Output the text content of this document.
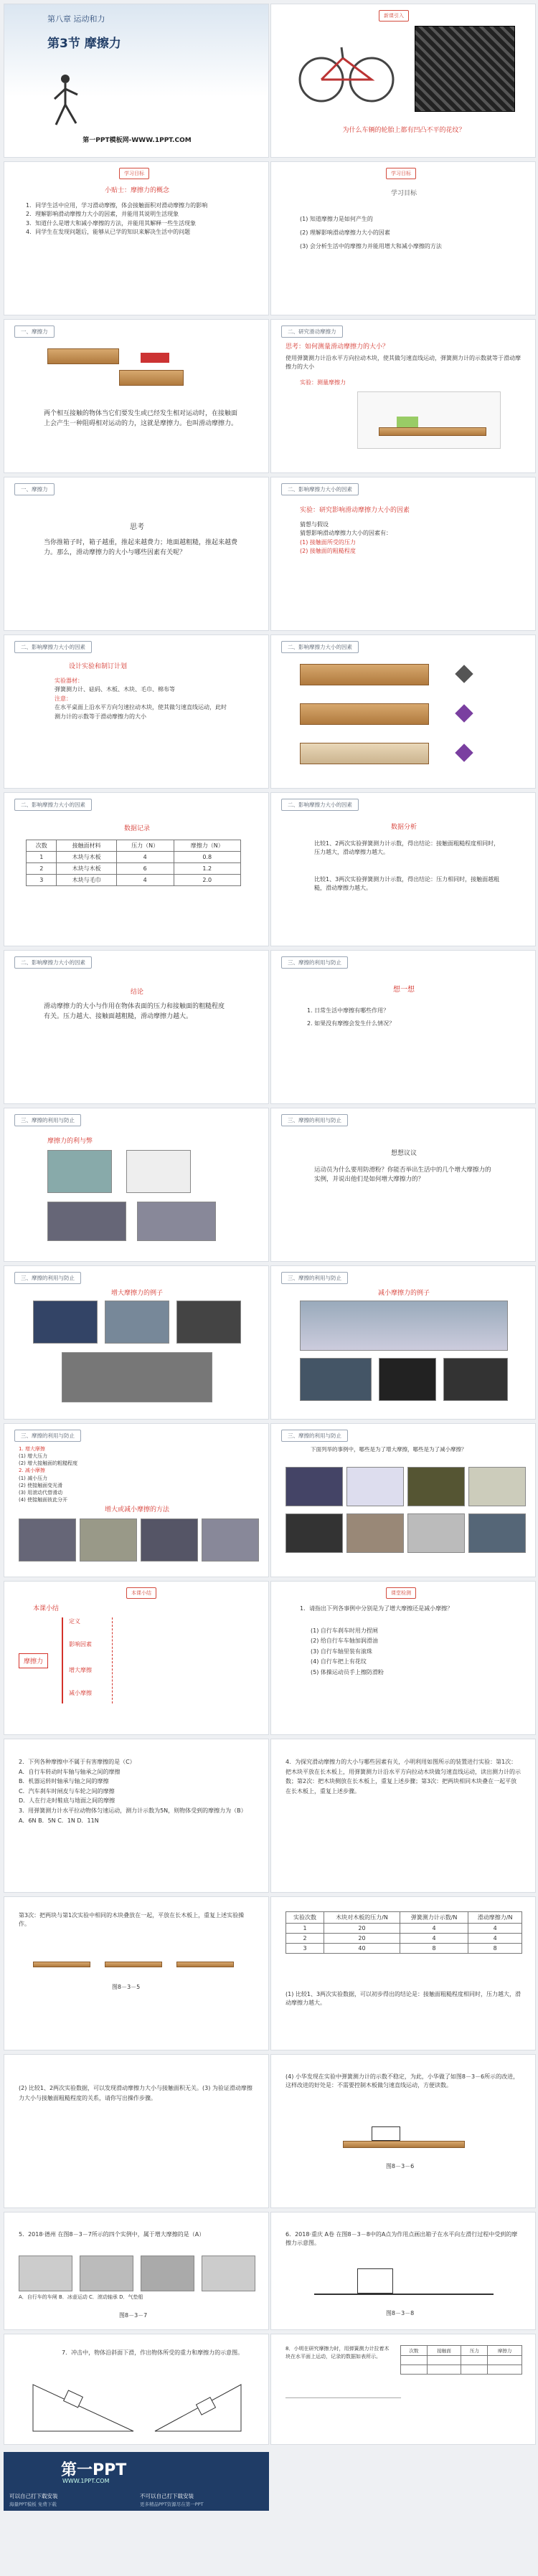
第八章 运动和力
第3节 摩擦力
第一PPT模板网-WWW.1PPT.COM
新课引入
为什么车辆的轮胎上都有凹凸不平的花纹？
学习目标
小贴士：摩擦力的概念
1．同学生活中应用，学习滑动摩擦，体会接触面积对滑动摩擦力的影响
2．理解影响滑动摩擦力大小的因素，并能用其说明生活现象
3．知道什么是增大和减小摩擦的方法，并能用其解释一些生活现象
4．同学生在发现问题后，能够从已学的知识来解决生活中的问题
学习目标
学习目标
(1) 知道摩擦力是如何产生的
(2) 理解影响滑动摩擦力大小的因素
(3) 会分析生活中的摩擦力并能用增大和减小摩擦的方法
一、摩擦力
两个相互接触的物体当它们要发生或已经发生相对运动时，在接触面上会产生一种阻碍相对运动的力，这就是摩擦力。也叫滑动摩擦力。
二、研究滑动摩擦力
思考：如何测量滑动摩擦力的大小？
使用弹簧测力计沿水平方向拉动木块，使其做匀速直线运动，弹簧测力计的示数就等于滑动摩擦力的大小
实验：测量摩擦力
一、摩擦力
思考
当你推箱子时，箱子越重，推起来越费力；地面越粗糙，推起来越费力。那么，滑动摩擦力的大小与哪些因素有关呢？
二、影响摩擦力大小的因素
实验：研究影响滑动摩擦力大小的因素
猜想与假设
猜想影响滑动摩擦力大小的因素有：
(1) 接触面所受的压力
(2) 接触面的粗糙程度
二、影响摩擦力大小的因素
设计实验和制订计划
实验器材：
弹簧测力计、砝码、木板、木块、毛巾、棉布等
注意：
在水平桌面上沿水平方向匀速拉动木块，使其做匀速直线运动，此时测力计的示数等于滑动摩擦力的大小
二、影响摩擦力大小的因素
二、影响摩擦力大小的因素
数据记录
次数	接触面材料	压力（N）	摩擦力（N）
1	木块与木板	4	0.8
2	木块与木板	6	1.2
3	木块与毛巾	4	2.0
二、影响摩擦力大小的因素
数据分析
比较1、2两次实验弹簧测力计示数，得出结论：接触面粗糙程度相同时，压力越大，滑动摩擦力越大。
比较1、3两次实验弹簧测力计示数，得出结论：压力相同时，接触面越粗糙，滑动摩擦力越大。
二、影响摩擦力大小的因素
结论
滑动摩擦力的大小与作用在物体表面的压力和接触面的粗糙程度有关。压力越大、接触面越粗糙，滑动摩擦力越大。
三、摩擦的利用与防止
想一想
1. 日常生活中摩擦有哪些作用？
2. 如果没有摩擦会发生什么情况？
三、摩擦的利用与防止
摩擦力的利与弊
三、摩擦的利用与防止
想想议议
运动员为什么要用防滑粉？你能否举出生活中的几个增大摩擦力的实例，并说出他们是如何增大摩擦力的？
三、摩擦的利用与防止
增大摩擦力的例子
三、摩擦的利用与防止
减小摩擦力的例子
三、摩擦的利用与防止
增大或减小摩擦的方法
1. 增大摩擦
(1) 增大压力
(2) 增大接触面的粗糙程度
2. 减小摩擦
(1) 减小压力
(2) 使接触面变光滑
(3) 用滚动代替滑动
(4) 使接触面彼此分开
三、摩擦的利用与防止
下面列举的事例中，哪些是为了增大摩擦，哪些是为了减小摩擦？
本课小结
本课小结
摩擦力
定义
影响因素
增大摩擦
减小摩擦
课堂检测
1．请指出下列各事例中分别是为了增大摩擦还是减小摩擦？
(1) 自行车刹车时用力捏闸
(2) 给自行车车轴加润滑油
(3) 自行车轴里装有滚珠
(4) 自行车把上有花纹
(5) 体操运动员手上擦防滑粉
2．下列各种摩擦中不属于有害摩擦的是（C）
A．自行车转动时车轴与轴承之间的摩擦
B．机器运转时轴承与轴之间的摩擦
C．汽车刹车时闸皮与车轮之间的摩擦
D．人在行走时鞋底与地面之间的摩擦
3．用弹簧测力计水平拉动物体匀速运动，测力计示数为5N，则物体受到的摩擦力为（B）
A．6N B．5N C．1N D．11N
4．为探究滑动摩擦力的大小与哪些因素有关，小明利用如图所示的装置进行实验：第1次：把木块平放在长木板上，用弹簧测力计沿水平方向拉动木块做匀速直线运动，读出测力计的示数；第2次：把木块侧放在长木板上，重复上述步骤；第3次：把两块相同木块叠在一起平放在长木板上，重复上述步骤。
第3次：把两块与第1次实验中相同的木块叠放在一起，平放在长木板上，重复上述实验操作。
图8－3－5
实验次数	木块对木板的压力/N	弹簧测力计示数/N	滑动摩擦力/N
1	20	4	4
2	20	4	4
3	40	8	8
(1) 比较1、3两次实验数据，可以初步得出的结论是：接触面粗糙程度相同时，压力越大，滑动摩擦力越大。
(2) 比较1、2两次实验数据，可以发现滑动摩擦力大小与接触面积无关。(3) 为验证滑动摩擦力大小与接触面粗糙程度的关系，请你写出操作步骤。
(4) 小华发现在实验中弹簧测力计的示数不稳定，为此，小华做了如图8－3－6所示的改进，这样改进的好处是：不需要控制木板做匀速直线运动，方便读数。
图8－3－6
5．2018·德州 在图8－3－7所示的四个实例中，属于增大摩擦的是（A）
A．自行车的车闸 B．冰壶运动 C．滚动轴承 D．气垫船
图8－3－7
6．2018·重庆 A卷 在图8－3－8中的A点为作用点画出箱子在水平向左滑行过程中受到的摩擦力示意图。
图8－3－8
7．冲击中，物体沿斜面下滑，作出物体所受的重力和摩擦力的示意图。
8．小明在研究摩擦力时，用弹簧测力计拉着木块在水平面上运动，记录的数据如表所示。
次数	接触面	压力	摩擦力

______________________________________________
第一PPT
WWW.1PPT.COM
可以自己打下载安装
海量PPT模板 免费下载
不可以自己打下载安装
更多精品PPT资源尽在第一PPT
